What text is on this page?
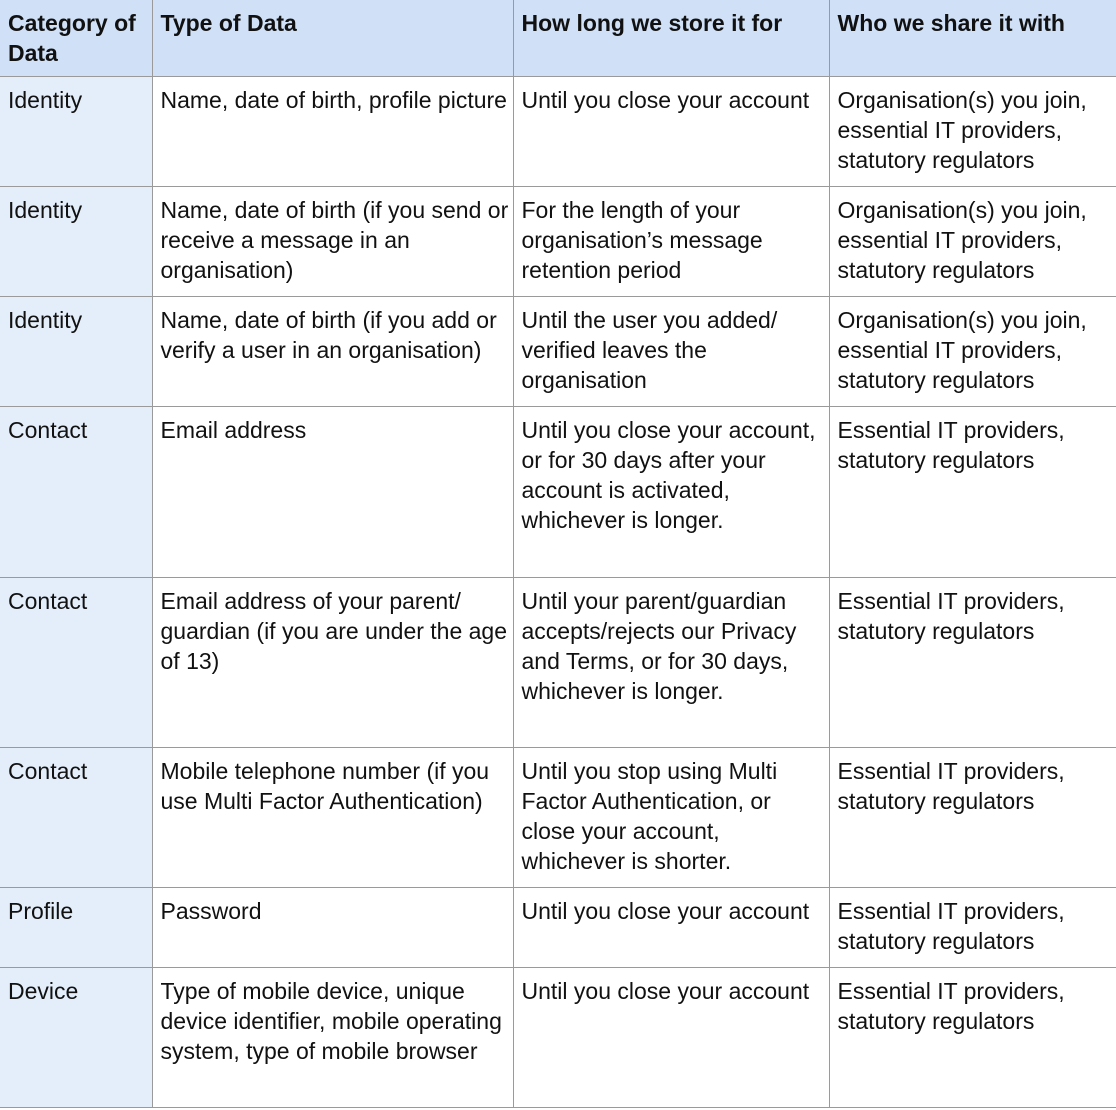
Category of Data	Type of Data	How long we store it for	Who we share it with
Identity	Name, date of birth, profile picture	Until you close your account	Organisation(s) you join, essential IT providers, statutory regulators
Identity	Name, date of birth (if you send or receive a message in an organisation)	For the length of your organisation’s message retention period	Organisation(s) you join, essential IT providers, statutory regulators
Identity	Name, date of birth (if you add or verify a user in an organisation)	Until the user you added/ verified leaves the organisation	Organisation(s) you join, essential IT providers, statutory regulators
Contact	Email address	Until you close your account, or for 30 days after your account is activated, whichever is longer.	Essential IT providers, statutory regulators
Contact	Email address of your parent/ guardian (if you are under the age of 13)	Until your parent/guardian accepts/rejects our Privacy and Terms, or for 30 days, whichever is longer.	Essential IT providers, statutory regulators
Contact	Mobile telephone number (if you use Multi Factor Authentication)	Until you stop using Multi Factor Authentication, or close your account, whichever is shorter.	Essential IT providers, statutory regulators
Profile	Password	Until you close your account	Essential IT providers, statutory regulators
Device	Type of mobile device, unique device identifier, mobile operating system, type of mobile browser	Until you close your account	Essential IT providers, statutory regulators
